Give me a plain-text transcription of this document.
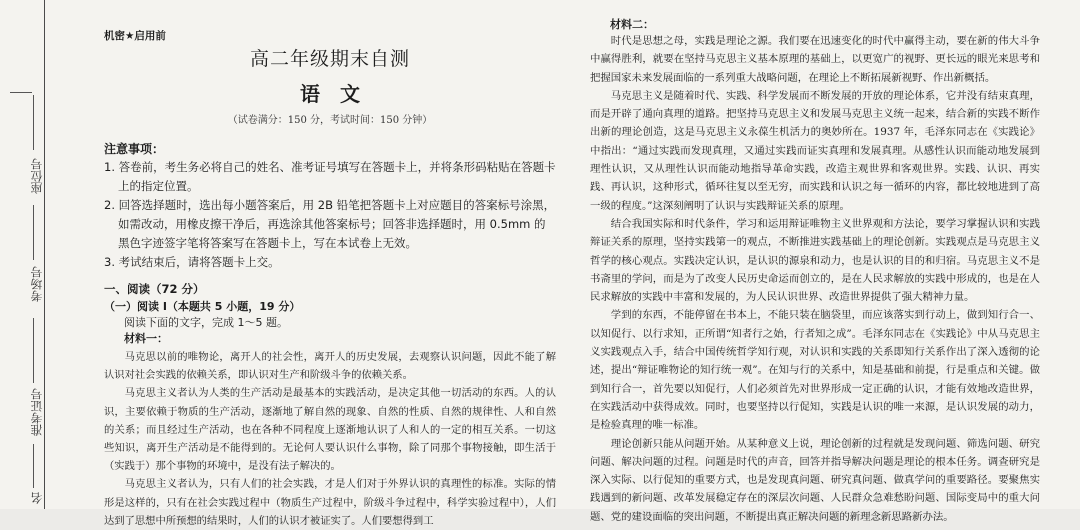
座位号
考场号
准考证号
名
机密★启用前
高二年级期末自测
语　文
（试卷满分：150 分，考试时间：150 分钟）
注意事项：
1. 答卷前，考生务必将自己的姓名、准考证号填写在答题卡上，并将条形码粘贴在答题卡上的指定位置。
2. 回答选择题时，选出每小题答案后，用 2B 铅笔把答题卡上对应题目的答案标号涂黑，如需改动，用橡皮擦干净后，再选涂其他答案标号；回答非选择题时，用 0.5mm 的黑色字迹签字笔将答案写在答题卡上，写在本试卷上无效。
3. 考试结束后，请将答题卡上交。
一、阅读（72 分）
（一）阅读 Ⅰ（本题共 5 小题，19 分）
阅读下面的文字，完成 1～5 题。
材料一：

马克思以前的唯物论，离开人的社会性，离开人的历史发展，去观察认识问题，因此不能了解认识对社会实践的依赖关系，即认识对生产和阶级斗争的依赖关系。

马克思主义者认为人类的生产活动是最基本的实践活动，是决定其他一切活动的东西。人的认识，主要依赖于物质的生产活动，逐渐地了解自然的现象、自然的性质、自然的规律性、人和自然的关系；而且经过生产活动，也在各种不同程度上逐渐地认识了人和人的一定的相互关系。一切这些知识，离开生产活动是不能得到的。无论何人要认识什么事物，除了同那个事物接触，即生活于（实践于）那个事物的环境中，是没有法子解决的。

马克思主义者认为，只有人们的社会实践，才是人们对于外界认识的真理性的标准。实际的情形是这样的，只有在社会实践过程中（物质生产过程中，阶级斗争过程中，科学实验过程中），人们达到了思想中所预想的结果时，人们的认识才被证实了。人们要想得到工

材料二：

时代是思想之母，实践是理论之源。我们要在迅速变化的时代中赢得主动，要在新的伟大斗争中赢得胜利，就要在坚持马克思主义基本原理的基础上，以更宽广的视野、更长远的眼光来思考和把握国家未来发展面临的一系列重大战略问题，在理论上不断拓展新视野、作出新概括。

马克思主义是随着时代、实践、科学发展而不断发展的开放的理论体系，它并没有结束真理，而是开辟了通向真理的道路。把坚持马克思主义和发展马克思主义统一起来，结合新的实践不断作出新的理论创造，这是马克思主义永葆生机活力的奥妙所在。1937 年，毛泽东同志在《实践论》中指出：“通过实践而发现真理，又通过实践而证实真理和发展真理。从感性认识而能动地发展到理性认识，又从理性认识而能动地指导革命实践，改造主观世界和客观世界。实践、认识、再实践、再认识，这种形式，循环往复以至无穷，而实践和认识之每一循环的内容，都比较地进到了高一级的程度。”这深刻阐明了认识与实践辩证关系的原理。

结合我国实际和时代条件，学习和运用辩证唯物主义世界观和方法论，要学习掌握认识和实践辩证关系的原理，坚持实践第一的观点，不断推进实践基础上的理论创新。实践观点是马克思主义哲学的核心观点。实践决定认识，是认识的源泉和动力，也是认识的目的和归宿。马克思主义不是书斋里的学问，而是为了改变人民历史命运而创立的，是在人民求解放的实践中形成的，也是在人民求解放的实践中丰富和发展的，为人民认识世界、改造世界提供了强大精神力量。

学到的东西，不能停留在书本上，不能只装在脑袋里，而应该落实到行动上，做到知行合一、以知促行、以行求知，正所谓“知者行之始，行者知之成”。毛泽东同志在《实践论》中从马克思主义实践观点入手，结合中国传统哲学知行观，对认识和实践的关系即知行关系作出了深入透彻的论述，提出“辩证唯物论的知行统一观”。在知与行的关系中，知是基础和前提，行是重点和关键。做到知行合一，首先要以知促行，人们必须首先对世界形成一定正确的认识，才能有效地改造世界，在实践活动中获得成效。同时，也要坚持以行促知，实践是认识的唯一来源，是认识发展的动力，是检验真理的唯一标准。

理论创新只能从问题开始。从某种意义上说，理论创新的过程就是发现问题、筛选问题、研究问题、解决问题的过程。问题是时代的声音，回答并指导解决问题是理论的根本任务。调查研究是深入实际、以行促知的重要方式，也是发现真问题、研究真问题、做真学问的重要路径。要聚焦实践遇到的新问题、改革发展稳定存在的深层次问题、人民群众急难愁盼问题、国际变局中的重大问题、党的建设面临的突出问题，不断提出真正解决问题的新理念新思路新办法。
